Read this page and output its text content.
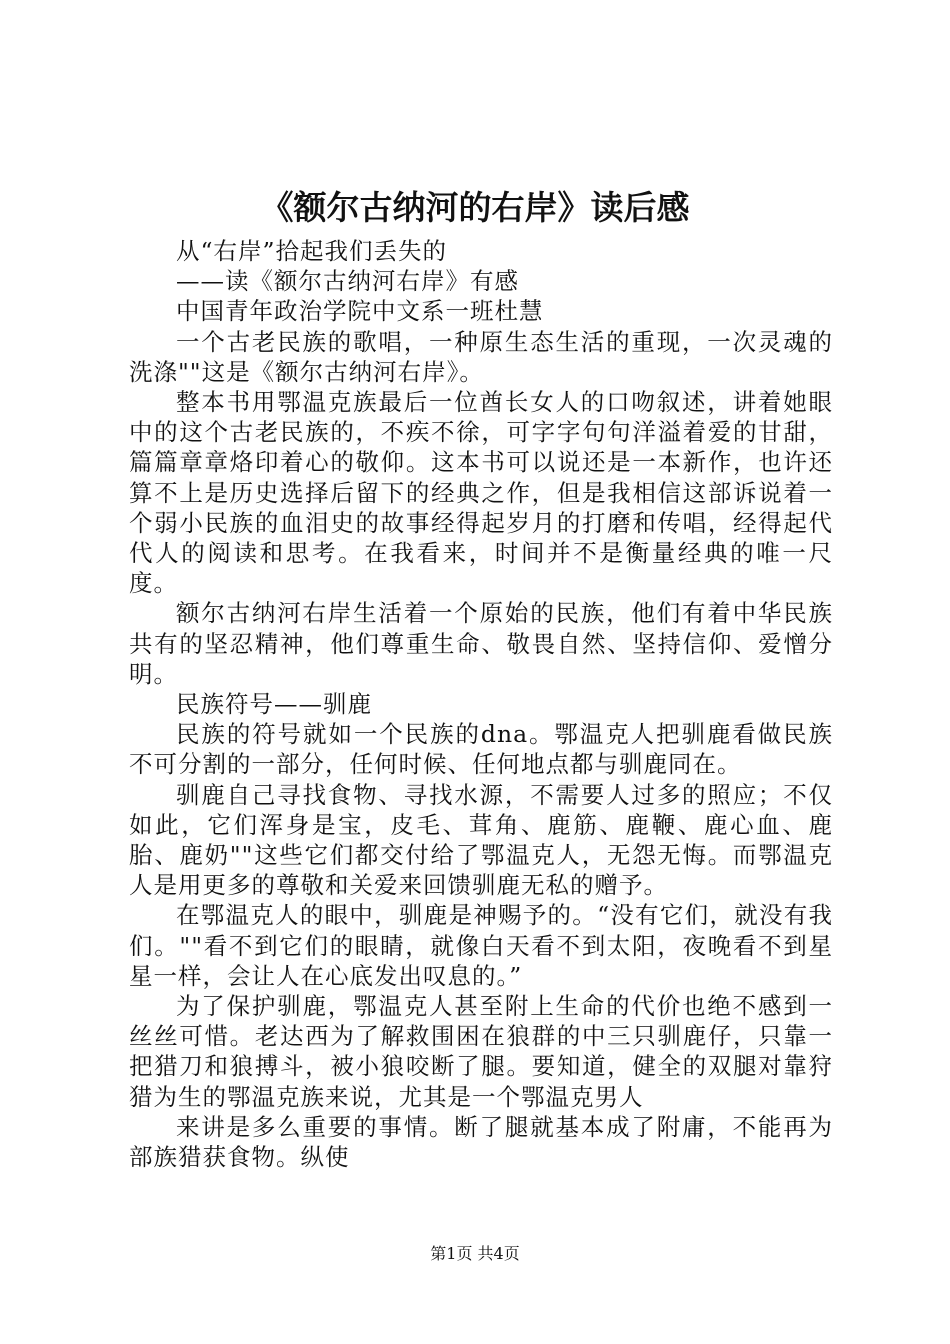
《额尔古纳河的右岸》读后感

从“右岸”拾起我们丢失的

——读《额尔古纳河右岸》有感

中国青年政治学院中文系一班杜慧

一个古老民族的歌唱，一种原生态生活的重现，一次灵魂的洗涤""这是《额尔古纳河右岸》。

整本书用鄂温克族最后一位酋长女人的口吻叙述，讲着她眼中的这个古老民族的，不疾不徐，可字字句句洋溢着爱的甘甜，篇篇章章烙印着心的敬仰。这本书可以说还是一本新作，也许还算不上是历史选择后留下的经典之作，但是我相信这部诉说着一个弱小民族的血泪史的故事经得起岁月的打磨和传唱，经得起代代人的阅读和思考。在我看来，时间并不是衡量经典的唯一尺度。

额尔古纳河右岸生活着一个原始的民族，他们有着中华民族共有的坚忍精神，他们尊重生命、敬畏自然、坚持信仰、爱憎分明。

民族符号——驯鹿

民族的符号就如一个民族的dna。鄂温克人把驯鹿看做民族不可分割的一部分，任何时候、任何地点都与驯鹿同在。

驯鹿自己寻找食物、寻找水源，不需要人过多的照应；不仅如此，它们浑身是宝，皮毛、茸角、鹿筋、鹿鞭、鹿心血、鹿胎、鹿奶""这些它们都交付给了鄂温克人，无怨无悔。而鄂温克人是用更多的尊敬和关爱来回馈驯鹿无私的赠予。

在鄂温克人的眼中，驯鹿是神赐予的。“没有它们，就没有我们。""看不到它们的眼睛，就像白天看不到太阳，夜晚看不到星星一样，会让人在心底发出叹息的。”

为了保护驯鹿，鄂温克人甚至附上生命的代价也绝不感到一丝丝可惜。老达西为了解救围困在狼群的中三只驯鹿仔，只靠一把猎刀和狼搏斗，被小狼咬断了腿。要知道，健全的双腿对靠狩猎为生的鄂温克族来说，尤其是一个鄂温克男人

来讲是多么重要的事情。断了腿就基本成了附庸，不能再为部族猎获食物。纵使

第1页 共4页
